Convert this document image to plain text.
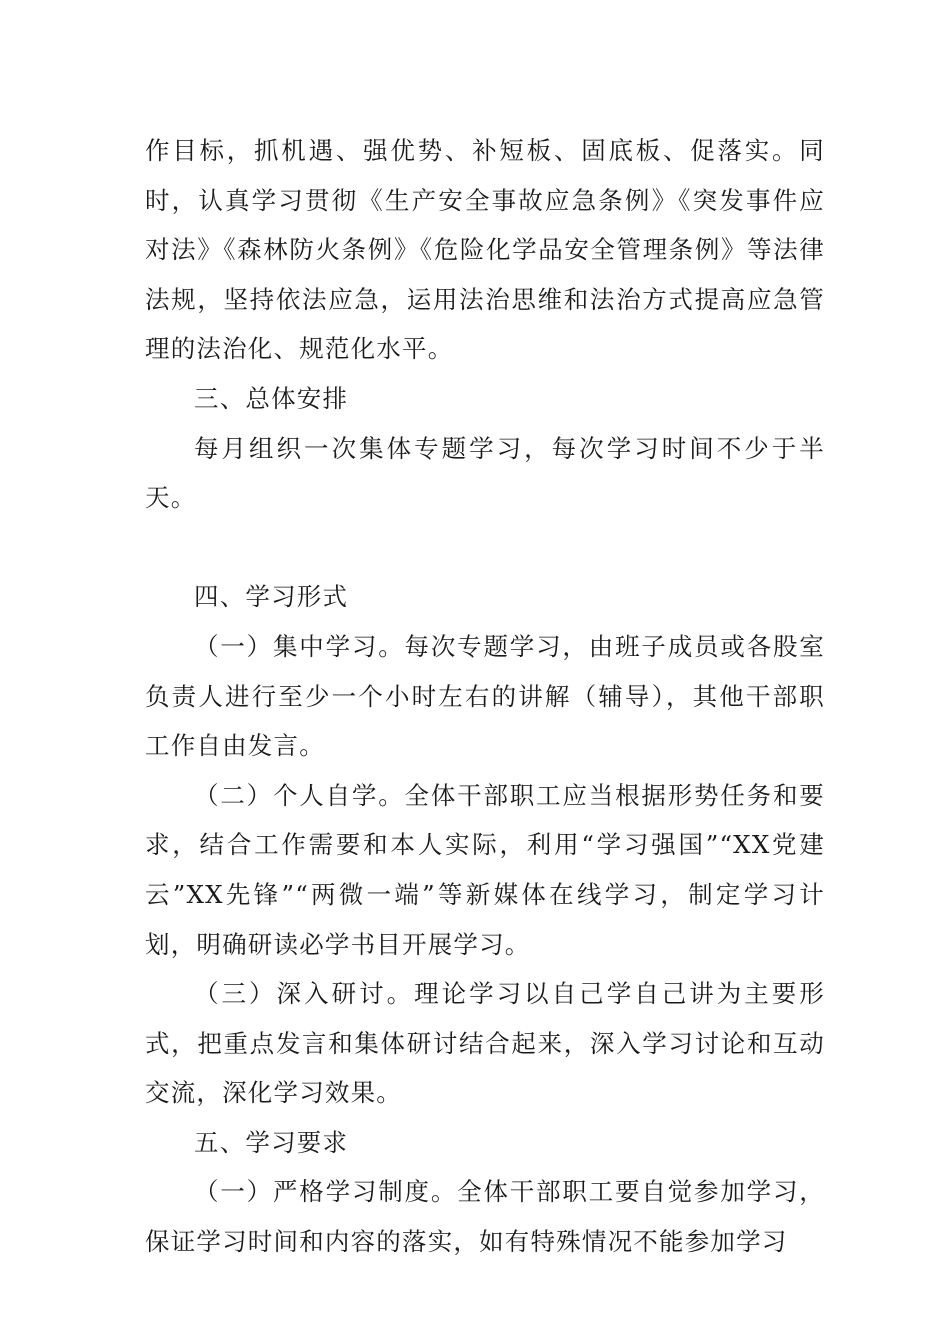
作目标，抓机遇、强优势、补短板、固底板、促落实。同时，认真学习贯彻《生产安全事故应急条例》《突发事件应对法》《森林防火条例》《危险化学品安全管理条例》等法律法规，坚持依法应急，运用法治思维和法治方式提高应急管理的法治化、规范化水平。

三、总体安排

每月组织一次集体专题学习，每次学习时间不少于半天。

四、学习形式

（一）集中学习。每次专题学习，由班子成员或各股室负责人进行至少一个小时左右的讲解（辅导），其他干部职工作自由发言。

（二）个人自学。全体干部职工应当根据形势任务和要求，结合工作需要和本人实际，利用“学习强国”“XX党建云”XX先锋”“两微一端”等新媒体在线学习，制定学习计划，明确研读必学书目开展学习。

（三）深入研讨。理论学习以自己学自己讲为主要形式，把重点发言和集体研讨结合起来，深入学习讨论和互动交流，深化学习效果。

五、学习要求

（一）严格学习制度。全体干部职工要自觉参加学习，保证学习时间和内容的落实，如有特殊情况不能参加学习
